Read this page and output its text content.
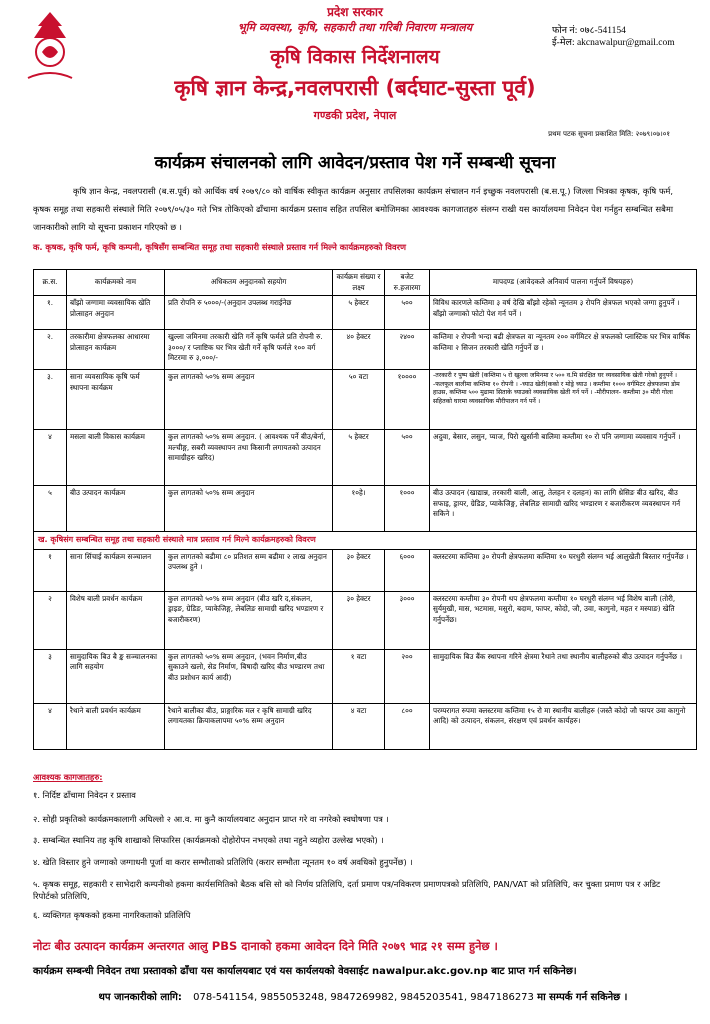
प्रदेश सरकार
भूमि व्यवस्था, कृषि, सहकारी तथा गरिबी निवारण मन्त्रालय
कृषि विकास निर्देशनालय
कृषि ज्ञान केन्द्र,नवलपरासी (बर्दघाट-सुस्ता पूर्व)
गण्डकी प्रदेश, नेपाल
फोन नं: ०७८-541154
ई-मेल: akcnawalpur@gmail.com
प्रथम पटक सूचना प्रकाशित मिति: २०७९।०७।०१
कार्यक्रम संचालनको लागि आवेदन/प्रस्ताव पेश गर्ने सम्बन्धी सूचना
कृषि ज्ञान केन्द्र, नवलपरासी (ब.स.पूर्व) को आर्थिक वर्ष २०७९/८० को वार्षिक स्वीकृत कार्यक्रम अनुसार तपसिलका कार्यक्रम संचालन गर्न इच्छुक नवलपरासी (ब.स.पू.) जिल्ला भित्रका कृषक, कृषि फर्म, कृषक समूह तथा सहकारी संस्थाले मिति २०७९/०५/३० गते भित्र तोकिएको ढाँचामा कार्यक्रम प्रस्ताव सहित तपसिल बमोजिमका आवश्यक कागजातहरु संलग्न राखी यस कार्यालयमा निवेदन पेश गर्नहुन सम्बन्धित सबैमा जानकारीको लागि यो सूचना प्रकाशन गरिएको छ ।
क. कृषक, कृषि फर्म, कृषि कम्पनी, कृषिसँग सम्बन्धित समूह तथा सहकारी संस्थाले प्रस्ताव गर्न मिल्ने कार्यक्रमहरुको विवरण
क्र.स.	कार्यक्रमको नाम	अधिकतम अनुदानको सहयोग	कार्यक्रम संख्या र लक्ष्य	बजेट रु.हजारमा	मापदण्ड (आवेदकले अनिवार्य पालना गर्नुपर्ने विषयहरु)
१.	बाँझो जग्गामा व्यवसायिक खेति प्रोत्साहन अनुदान	प्रति रोपनि रु ५०००/-(अनुदान उपलब्ध गराईनेछ	५ हेक्टर	५००	विविध कारणले कम्तिमा ३ वर्ष देखि बाँझो रहेको न्यूनतम ३ रोपनि क्षेत्रफल भएको जग्गा हुनुपर्ने । बाँझो जग्गाको फोटो पेश गर्न पर्ने ।
२.	तरकारीमा क्षेत्रफलका आधारमा प्रोत्साहन कार्यक्रम	खुल्ला जमिनमा तरकारी खेति गर्ने कृषि फर्मले प्रति रोपनी रु. ३०००/ र प्लाष्टिक घर भित्र खेती गर्ने कृषि फर्मले १०० वर्ग मिटरमा रु ३,०००/-	४० हेक्टर	२४००	कम्तिमा २ रोपनी भन्दा बढी क्षेत्रफल वा न्यूनतम २०० वर्गमिटर क्षे त्रफलको प्लास्टिक घर भित्र वार्षिक कम्तिमा २ सिजन तरकारी खेति गर्नुपर्ने छ ।
३.	साना व्यवसायिक कृषि फर्म स्थापना कार्यक्रम	कुल लागतको ५०% सम्म अनुदान	५० वटा	१००००	-तरकारी र पुष्प खेती (कम्तिमा ५ रो खुल्ला जमिनमा र ५०० व.मि संरक्षित घर व्यवसायिक खेती गरेको हुनुपर्ने । -फलफूल बालीमा कम्तिमा १० रोपनी । -च्याउ खेती(कको र मोड्रे च्याउ । कम्तीमा १००० वर्गमिटर क्षेत्रफलमा डोम हाउस, कम्तिमा ५०० मुढामा सिताके च्याउको व्यवसायिक खेती गर्न पर्ने । -मौरीपालन- कम्तीमा ३० मौरी गोला सहितको घारमा व्यवसायिक मौरीपालन गर्न पर्ने ।
४	मसला बाली विकास कार्यक्रम	कुल लागतको ५०% सम्म अनुदान. ( आवश्यक पर्ने बीउ/बेर्ना, मल्चीङ्ग, सबरी व्यवस्थापन तथा किसानी लगायतको उत्पादन सामाग्रीहरु खरिद)	५ हेक्टर	५००	अदुवा, बेसार, लसुन, प्याज, पिरो खुर्सानी बालिमा कम्तीमा १० रो पनि जग्गामा व्यवसाय गर्नुपर्ने ।
५	बीउ उत्पादन कार्यक्रम	कुल लागतको ५०% सम्म अनुदान	१०हे।	१०००	बीउ उत्पादन (खाद्यान्न, तरकारी बाली, आलु, तेलहन र दलहन) का लागि थ्रेसिङ बीउ खरिद, बीउ सफाइ, ड्रायर, ग्रेडिङ, प्याकेजिङ्ग, लेबलिङ सामाग्री खरिद भण्डारण र बजारीकरण व्यवस्थापन गर्न सकिने ।
ख. कृषिसंग सम्बन्धित समूह तथा सहकारी संस्थाले मात्र प्रस्ताव गर्न मिल्ने कार्यक्रमहरुको विवरण					
१	साना सिंचाई कार्यक्रम सञ्चालन	कुल लागतको बढीमा ८० प्रतिशत सम्म बढीमा २ लाख अनुदान उपलब्ध हुने ।	३० हेक्टर	६०००	क्लस्टरमा कम्तिमा ३० रोपनी क्षेत्रफलमा कम्तिमा १० घरधुरी संलग्न भई आलुखेती बिस्तार गर्नुपर्नेछ ।
२	विशेष बाली प्रवर्धन कार्यक्रम	कुल लागतको ५०% सम्म अनुदान (बीउ खरि द,संकलन, ड्राइङ, ग्रेडिङ, प्याकेजिङ्ग, लेबलिङ सामाग्री खरिद भण्डारण र बजारीकरण)	३० हेक्टर	३०००	क्लस्टरमा कम्तीमा ३० रोपनी थप क्षेत्रफलमा कम्तीमा १० घरधुरी संलग्न भई विशेष बाली (तोरी, सुर्यमुखी, मास, भटमास, मसुरो, बदाम, फापर, कोदो, जौ, उवा, कागुनो, महत र मस्याङ) खेति गर्नुपर्नेछ।
३	सामुदायिक बिउ बै ङ्क सञ्चालनका लागि सहयोग	कुल लागतको ५०% सम्म अनुदान, (भवन निर्माण,बीउ सुकाउने खलो, सेड निर्माण, बिषादी खरिद बीउ भण्डारण तथा बीउ प्रशोधन कार्य आदी)	१ वटा	२००	सामुदायिक बिउ बैंक स्थापना गरिने क्षेत्रमा रैथाने तथा स्थानीय बालीहरुको बीउ उत्पादन गर्नुपर्नेछ ।
४	रैथाने बाली प्रवर्धन कार्यक्रम	रैथाने बालीका बीउ, प्राङ्गारिक मल र कृषि सामाग्री खरिद लगायतका क्रियाकलापमा ५०% सम्म अनुदान	४ वटा	८००	परम्परागत रुपमा क्लस्टरमा कम्तिमा १५ रो मा स्थानीय बालीहरु (जस्तै कोदो जौ फापर उवा कागुनो आदि) को उत्पादन, संकलन, संरक्षण एवं प्रवर्धन कार्यहरु।
आवश्यक कागजातहरु:
१. निर्दिष्ट ढाँचामा निवेदन र प्रस्ताव
२. सोही प्रकृतिको कार्यक्रमकालागी अघिल्लो २ आ.व. मा कुनै कार्यालयबाट अनुदान प्राप्त गरे वा नगरेको स्वघोषणा पत्र ।
३. सम्बन्धित स्थानिय तह कृषि शाखाको सिफारिस (कार्यक्रमको दोहोरोपन नभएको तथा नहुने व्यहोरा उल्लेख भएको) ।
४. खेति विस्तार हुने जग्गाको जग्गाधनी पूर्जा वा करार सम्भौताको प्रतिलिपि (करार सम्भौता न्यूनतम १० वर्ष अवधिको हुनुपर्नेछ) ।
५. कृषक समूह, सहकारी र साभेदारी कम्पनीको हकमा कार्यसमितिको बैठक बसि सो को निर्णय प्रतिलिपि, दर्ता प्रमाण पत्र/नविकरण प्रमाणपत्रको प्रतिलिपि, PAN/VAT को प्रतिलिपि, कर चुक्ता प्रमाण पत्र र अडिट रिपोर्टको प्रतिलिपि,
६. व्यक्तिगत कृषकको हकमा नागरिकताको प्रतिलिपि
नोटः बीउ उत्पादन कार्यक्रम अन्तरगत आलु PBS दानाको हकमा आवेदन दिने मिति २०७९ भाद्र २१ सम्म हुनेछ ।
कार्यक्रम सम्बन्धी निवेदन तथा प्रस्तावको ढाँचा यस कार्यालयबाट एवं यस कार्यलयको वेवसाईट nawalpur.akc.gov.np बाट प्राप्त गर्न सकिनेछ।
थप जानकारीको लागि: 078-541154, 9855053248, 9847269982, 9845203541, 9847186273 मा सम्पर्क गर्न सकिनेछ ।
